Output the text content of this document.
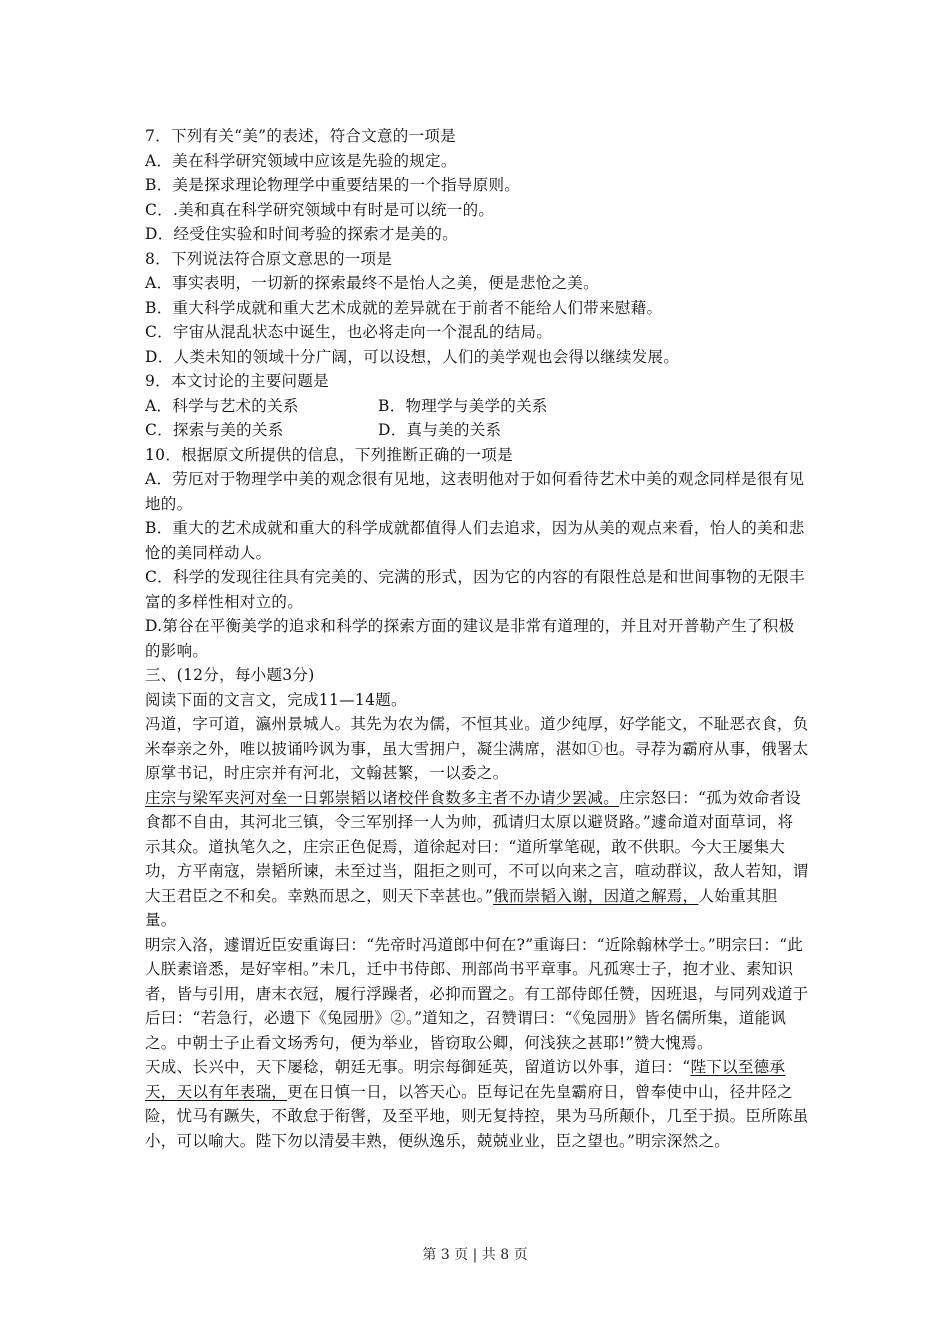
7．下列有关“美”的表述，符合文意的一项是

A．美在科学研究领域中应该是先验的规定。

B．美是探求理论物理学中重要结果的一个指导原则。

C．.美和真在科学研究领域中有时是可以统一的。

D．经受住实验和时间考验的探索才是美的。

8．下列说法符合原文意思的一项是

A．事实表明，一切新的探索最终不是怡人之美，便是悲怆之美。

B．重大科学成就和重大艺术成就的差异就在于前者不能给人们带来慰藉。

C．宇宙从混乱状态中诞生，也必将走向一个混乱的结局。

D．人类未知的领域十分广阔，可以设想，人们的美学观也会得以继续发展。

9．本文讨论的主要问题是

A．科学与艺术的关系	B．物理学与美学的关系
C．探索与美的关系	D．真与美的关系

10．根据原文所提供的信息，下列推断正确的一项是

A．劳厄对于物理学中美的观念很有见地，这表明他对于如何看待艺术中美的观念同样是很有见地的。

B．重大的艺术成就和重大的科学成就都值得人们去追求，因为从美的观点来看，怡人的美和悲怆的美同样动人。

C．科学的发现往往具有完美的、完满的形式，因为它的内容的有限性总是和世间事物的无限丰富的多样性相对立的。

D.第谷在平衡美学的追求和科学的探索方面的建议是非常有道理的，并且对开普勒产生了积极的影响。

三、(12分，每小题3分)

阅读下面的文言文，完成11—14题。

冯道，字可道，瀛州景城人。其先为农为儒，不恒其业。道少纯厚，好学能文，不耻恶衣食，负米奉亲之外，唯以披诵吟讽为事，虽大雪拥户，凝尘满席，湛如①也。寻荐为霸府从事，俄署太原掌书记，时庄宗并有河北，文翰甚繁，一以委之。

庄宗与梁军夹河对垒一日郭崇韬以诸校伴食数多主者不办请少罢减。庄宗怒曰：“孤为效命者设食都不自由，其河北三镇，令三军别择一人为帅，孤请归太原以避贤路。”遽命道对面草词，将示其众。道执笔久之，庄宗正色促焉，道徐起对曰：“道所掌笔砚，敢不供职。今大王屡集大功，方平南寇，崇韬所谏，未至过当，阻拒之则可，不可以向来之言，喧动群议，敌人若知，谓大王君臣之不和矣。幸熟而思之，则天下幸甚也。”俄而崇韬入谢，因道之解焉，人始重其胆量。

明宗入洛，遽谓近臣安重诲曰：“先帝时冯道郎中何在?”重诲曰：“近除翰林学士。”明宗曰：“此人朕素谙悉，是好宰相。”未几，迁中书侍郎、刑部尚书平章事。凡孤寒士子，抱才业、素知识者，皆与引用，唐末衣冠，履行浮躁者，必抑而置之。有工部侍郎任赞，因班退，与同列戏道于后曰：“若急行，必遗下《兔园册》②。”道知之，召赞谓曰：“《兔园册》皆名儒所集，道能讽之。中朝士子止看文场秀句，便为举业，皆窃取公卿，何浅狭之甚耶!”赞大愧焉。

天成、长兴中，天下屡稔，朝廷无事。明宗每御延英，留道访以外事，道曰：“陛下以至德承天，天以有年表瑞，更在日慎一日，以答天心。臣每记在先皇霸府日，曾奉使中山，径井陉之险，忧马有蹶失，不敢怠于衔辔，及至平地，则无复持控，果为马所颠仆，几至于损。臣所陈虽小，可以喻大。陛下勿以清晏丰熟，便纵逸乐，兢兢业业，臣之望也。”明宗深然之。

第 3 页 | 共 8 页
